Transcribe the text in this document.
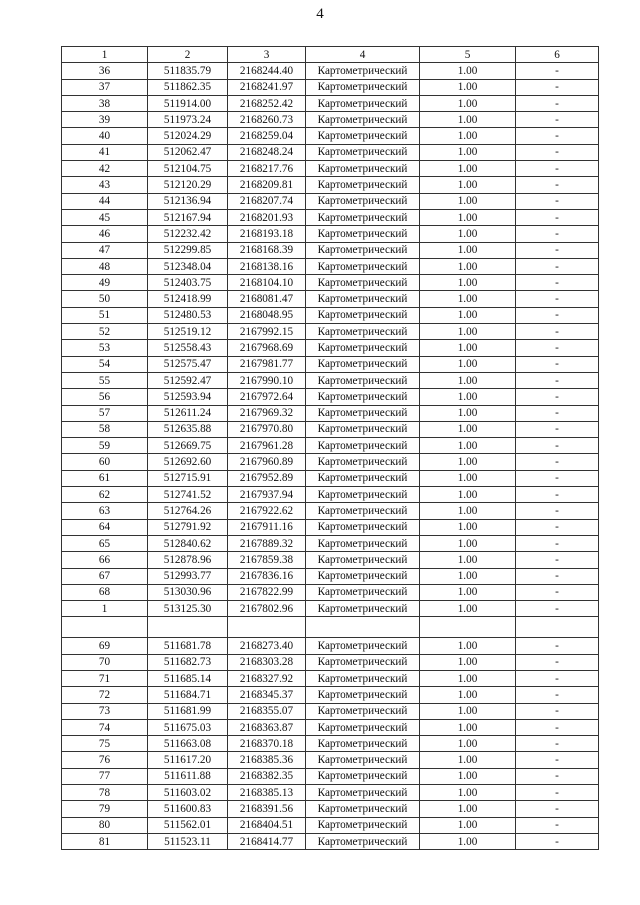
4
1	2	3	4	5	6
36	511835.79	2168244.40	Картометрический	1.00	-
37	511862.35	2168241.97	Картометрический	1.00	-
38	511914.00	2168252.42	Картометрический	1.00	-
39	511973.24	2168260.73	Картометрический	1.00	-
40	512024.29	2168259.04	Картометрический	1.00	-
41	512062.47	2168248.24	Картометрический	1.00	-
42	512104.75	2168217.76	Картометрический	1.00	-
43	512120.29	2168209.81	Картометрический	1.00	-
44	512136.94	2168207.74	Картометрический	1.00	-
45	512167.94	2168201.93	Картометрический	1.00	-
46	512232.42	2168193.18	Картометрический	1.00	-
47	512299.85	2168168.39	Картометрический	1.00	-
48	512348.04	2168138.16	Картометрический	1.00	-
49	512403.75	2168104.10	Картометрический	1.00	-
50	512418.99	2168081.47	Картометрический	1.00	-
51	512480.53	2168048.95	Картометрический	1.00	-
52	512519.12	2167992.15	Картометрический	1.00	-
53	512558.43	2167968.69	Картометрический	1.00	-
54	512575.47	2167981.77	Картометрический	1.00	-
55	512592.47	2167990.10	Картометрический	1.00	-
56	512593.94	2167972.64	Картометрический	1.00	-
57	512611.24	2167969.32	Картометрический	1.00	-
58	512635.88	2167970.80	Картометрический	1.00	-
59	512669.75	2167961.28	Картометрический	1.00	-
60	512692.60	2167960.89	Картометрический	1.00	-
61	512715.91	2167952.89	Картометрический	1.00	-
62	512741.52	2167937.94	Картометрический	1.00	-
63	512764.26	2167922.62	Картометрический	1.00	-
64	512791.92	2167911.16	Картометрический	1.00	-
65	512840.62	2167889.32	Картометрический	1.00	-
66	512878.96	2167859.38	Картометрический	1.00	-
67	512993.77	2167836.16	Картометрический	1.00	-
68	513030.96	2167822.99	Картометрический	1.00	-
1	513125.30	2167802.96	Картометрический	1.00	-

69	511681.78	2168273.40	Картометрический	1.00	-
70	511682.73	2168303.28	Картометрический	1.00	-
71	511685.14	2168327.92	Картометрический	1.00	-
72	511684.71	2168345.37	Картометрический	1.00	-
73	511681.99	2168355.07	Картометрический	1.00	-
74	511675.03	2168363.87	Картометрический	1.00	-
75	511663.08	2168370.18	Картометрический	1.00	-
76	511617.20	2168385.36	Картометрический	1.00	-
77	511611.88	2168382.35	Картометрический	1.00	-
78	511603.02	2168385.13	Картометрический	1.00	-
79	511600.83	2168391.56	Картометрический	1.00	-
80	511562.01	2168404.51	Картометрический	1.00	-
81	511523.11	2168414.77	Картометрический	1.00	-
